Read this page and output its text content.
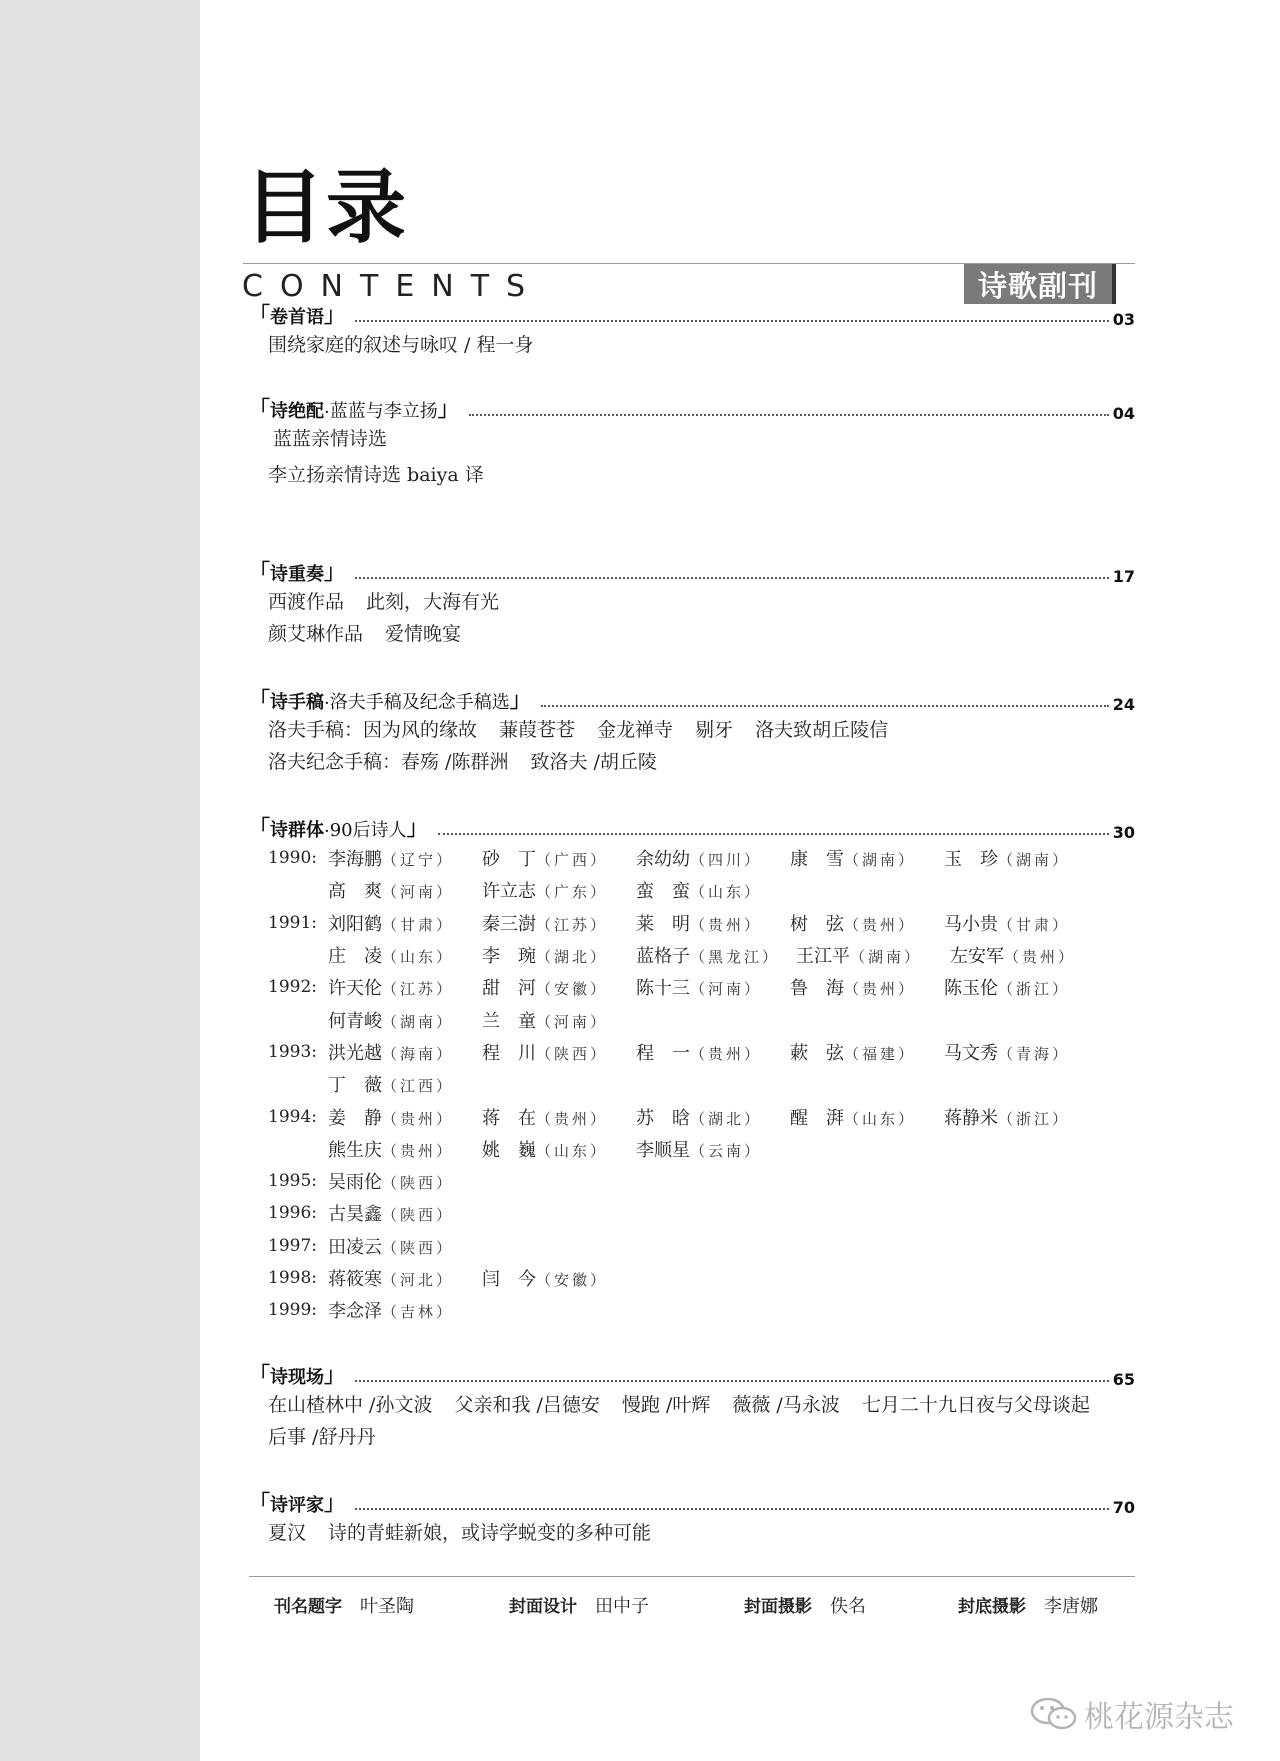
目录
CONTENTS	诗歌副刊
「 卷首语 」	03
围绕家庭的叙述与咏叹 / 程一身
「 诗绝配 · 蓝蓝与李立扬 」	04
蓝蓝亲情诗选
李立扬亲情诗选 baiya 译
「 诗重奏 」	17
西渡作品 此刻，大海有光
颜艾琳作品 爱情晚宴
「 诗手稿 · 洛夫手稿及纪念手稿选 」	24
洛夫手稿：因为风的缘故 蒹葭苍苍 金龙禅寺 剔牙 洛夫致胡丘陵信
洛夫纪念手稿：春殇 /陈群洲 致洛夫 /胡丘陵
「 诗群体 · 90后诗人 」	30
1990: 李海鹏（辽宁）	砂　丁（广西）	余幼幼（四川）	康　雪（湖南）	玉　珍（湖南）
高　爽（河南）	许立志（广东）	蛮　蛮（山东）
1991: 刘阳鹤（甘肃）	秦三澍（江苏）	莱　明（贵州）	树　弦（贵州）	马小贵（甘肃）
庄　凌（山东）	李　琬（湖北）	蓝格子（黑龙江） 王江平（湖南）	左安军（贵州）
1992: 许天伦（江苏）	甜　河（安徽）	陈十三（河南）	鲁　海（贵州）	陈玉伦（浙江）
何青峻（湖南）	兰　童（河南）
1993: 洪光越（海南）	程　川（陕西）	程　一（贵州）	蔌　弦（福建）	马文秀（青海）
丁　薇（江西）
1994: 姜　静（贵州）	蒋　在（贵州）	苏　晗（湖北）	醒　湃（山东）	蒋静米（浙江）
熊生庆（贵州）	姚　巍（山东）	李顺星（云南）
1995: 吴雨伦（陕西）
1996: 古昊鑫（陕西）
1997: 田凌云（陕西）
1998: 蒋筱寒（河北）	闫　今（安徽）
1999: 李念泽（吉林）
「 诗现场 」	65
在山楂林中 /孙文波 父亲和我 /吕德安 慢跑 /叶辉 薇薇 /马永波 七月二十九日夜与父母谈起
后事 /舒丹丹
「 诗评家 」	70
夏汉 诗的青蛙新娘，或诗学蜕变的多种可能
刊名题字 叶圣陶	封面设计 田中子	封面摄影 佚名	封底摄影 李唐娜
桃花源杂志
